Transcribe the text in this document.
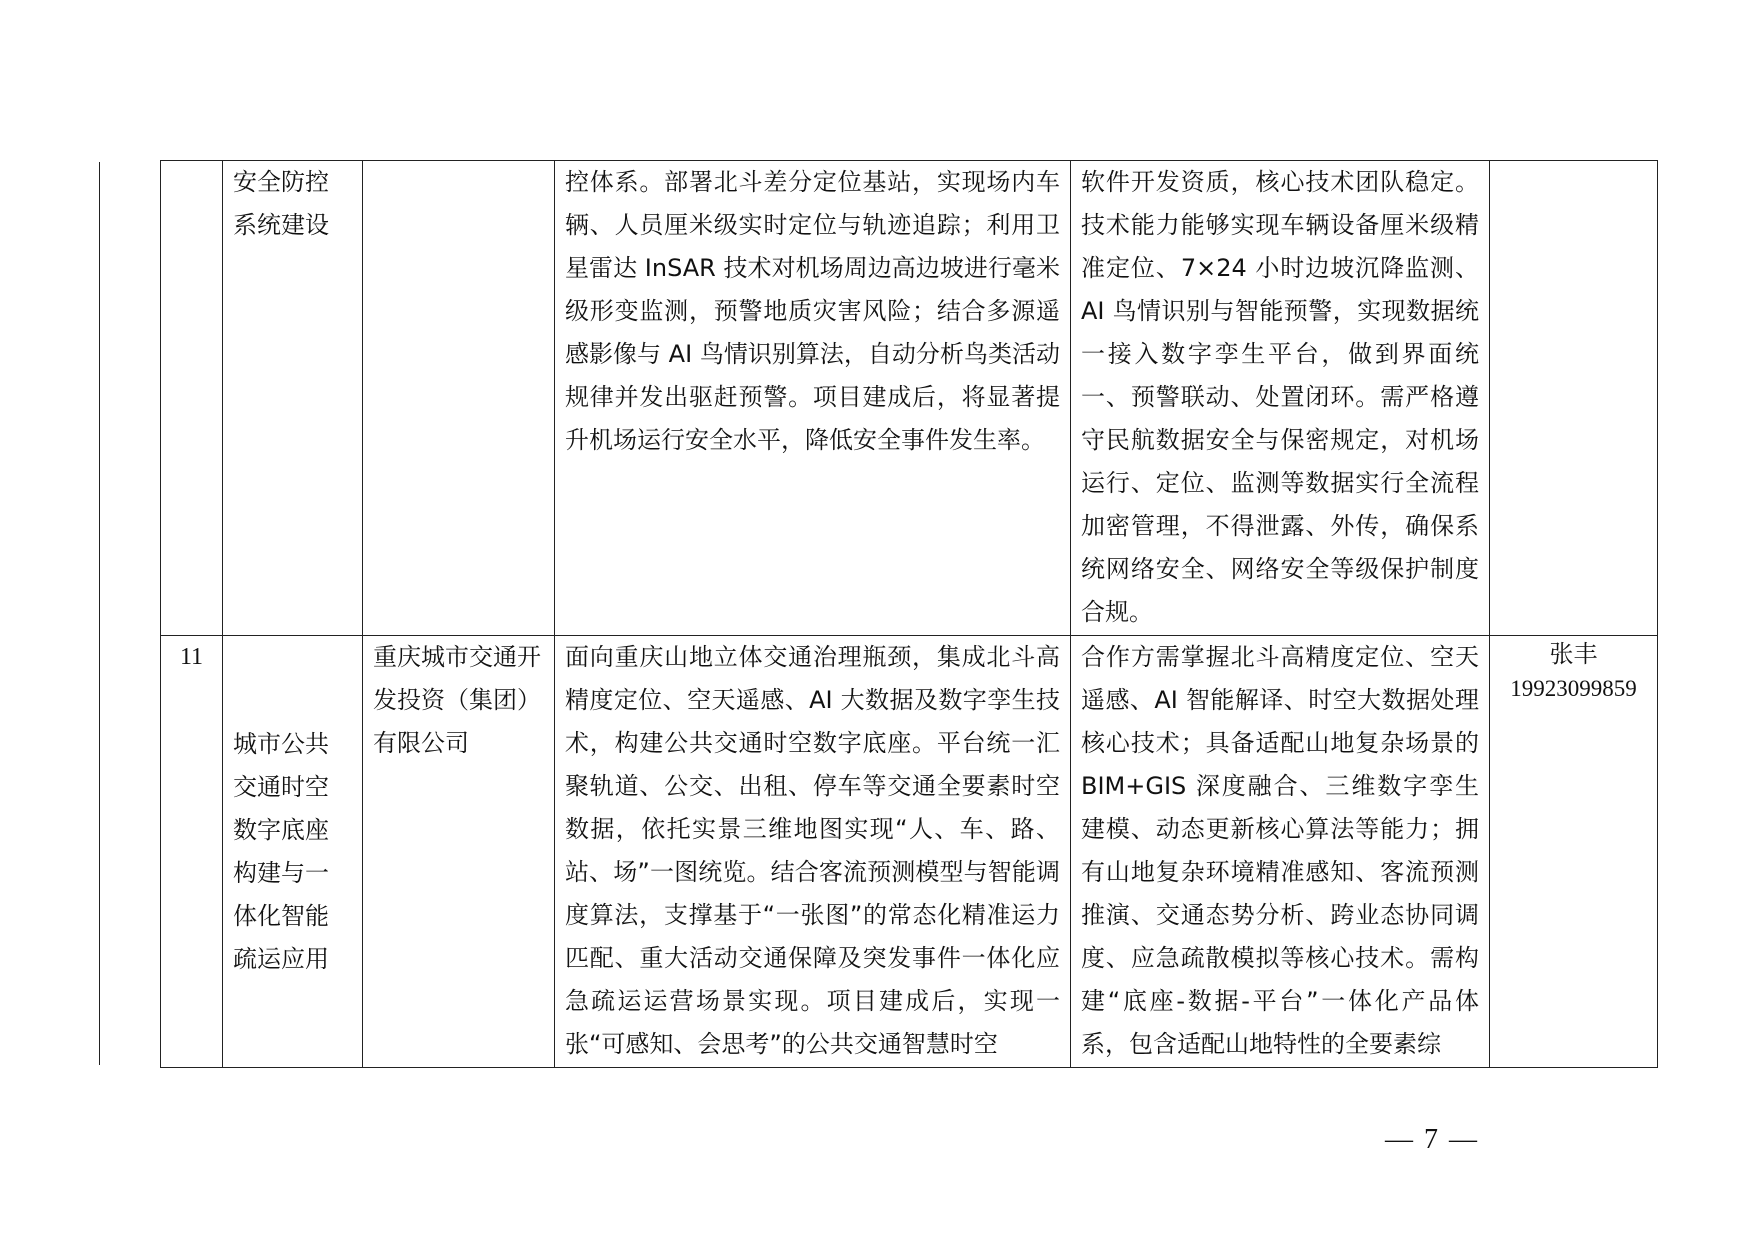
	安全防控系统建设		控体系。部署北斗差分定位基站，实现场内车辆、人员厘米级实时定位与轨迹追踪；利用卫星雷达 InSAR 技术对机场周边高边坡进行毫米级形变监测，预警地质灾害风险；结合多源遥感影像与 AI 鸟情识别算法，自动分析鸟类活动规律并发出驱赶预警。项目建成后，将显著提升机场运行安全水平，降低安全事件发生率。	软件开发资质，核心技术团队稳定。技术能力能够实现车辆设备厘米级精准定位、7×24 小时边坡沉降监测、AI 鸟情识别与智能预警，实现数据统一接入数字孪生平台，做到界面统一、预警联动、处置闭环。需严格遵守民航数据安全与保密规定，对机场运行、定位、监测等数据实行全流程加密管理，不得泄露、外传，确保系统网络安全、网络安全等级保护制度合规。	

11	城市公共交通时空数字底座构建与一体化智能疏运应用	重庆城市交通开发投资（集团）有限公司	面向重庆山地立体交通治理瓶颈，集成北斗高精度定位、空天遥感、AI 大数据及数字孪生技术，构建公共交通时空数字底座。平台统一汇聚轨道、公交、出租、停车等交通全要素时空数据，依托实景三维地图实现“人、车、路、站、场”一图统览。结合客流预测模型与智能调度算法，支撑基于“一张图”的常态化精准运力匹配、重大活动交通保障及突发事件一体化应急疏运运营场景实现。项目建成后，实现一张“可感知、会思考”的公共交通智慧时空	合作方需掌握北斗高精度定位、空天遥感、AI 智能解译、时空大数据处理核心技术；具备适配山地复杂场景的 BIM+GIS 深度融合、三维数字孪生建模、动态更新核心算法等能力；拥有山地复杂环境精准感知、客流预测推演、交通态势分析、跨业态协同调度、应急疏散模拟等核心技术。需构建“底座-数据-平台”一体化产品体系，包含适配山地特性的全要素综	张丰
19923099859
— 7 —
